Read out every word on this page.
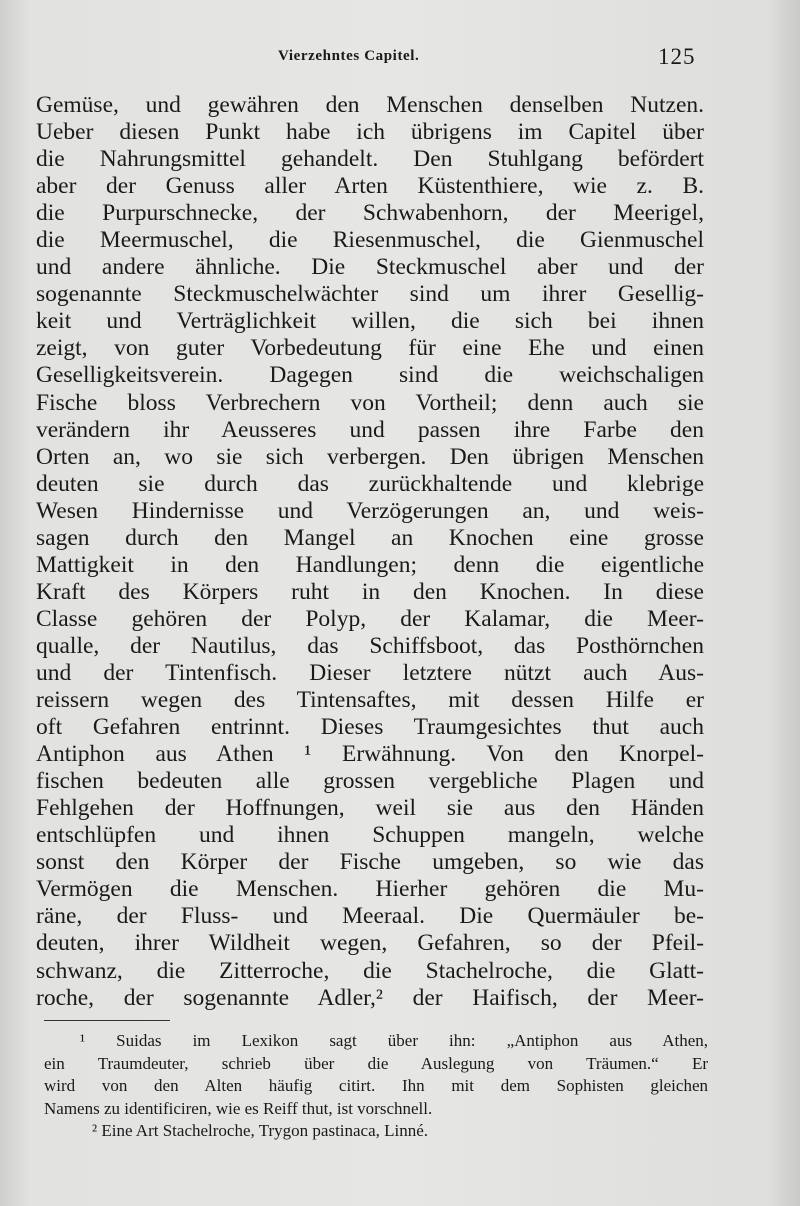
Vierzehntes Capitel.	125
Gemüse, und gewähren den Menschen denselben Nutzen.
Ueber diesen Punkt habe ich übrigens im Capitel über
die Nahrungsmittel gehandelt. Den Stuhlgang befördert
aber der Genuss aller Arten Küstenthiere, wie z. B.
die Purpurschnecke, der Schwabenhorn, der Meerigel,
die Meermuschel, die Riesenmuschel, die Gienmuschel
und andere ähnliche. Die Steckmuschel aber und der
sogenannte Steckmuschelwächter sind um ihrer Gesellig-
keit und Verträglichkeit willen, die sich bei ihnen
zeigt, von guter Vorbedeutung für eine Ehe und einen
Geselligkeitsverein. Dagegen sind die weichschaligen
Fische bloss Verbrechern von Vortheil; denn auch sie
verändern ihr Aeusseres und passen ihre Farbe den
Orten an, wo sie sich verbergen. Den übrigen Menschen
deuten sie durch das zurückhaltende und klebrige
Wesen Hindernisse und Verzögerungen an, und weis-
sagen durch den Mangel an Knochen eine grosse
Mattigkeit in den Handlungen; denn die eigentliche
Kraft des Körpers ruht in den Knochen. In diese
Classe gehören der Polyp, der Kalamar, die Meer-
qualle, der Nautilus, das Schiffsboot, das Posthörnchen
und der Tintenfisch. Dieser letztere nützt auch Aus-
reissern wegen des Tintensaftes, mit dessen Hilfe er
oft Gefahren entrinnt. Dieses Traumgesichtes thut auch
Antiphon aus Athen ¹ Erwähnung. Von den Knorpel-
fischen bedeuten alle grossen vergebliche Plagen und
Fehlgehen der Hoffnungen, weil sie aus den Händen
entschlüpfen und ihnen Schuppen mangeln, welche
sonst den Körper der Fische umgeben, so wie das
Vermögen die Menschen. Hierher gehören die Mu-
räne, der Fluss- und Meeraal. Die Quermäuler be-
deuten, ihrer Wildheit wegen, Gefahren, so der Pfeil-
schwanz, die Zitterroche, die Stachelroche, die Glatt-
roche, der sogenannte Adler,² der Haifisch, der Meer-
¹ Suidas im Lexikon sagt über ihn: „Antiphon aus Athen,
ein Traumdeuter, schrieb über die Auslegung von Träumen.“ Er
wird von den Alten häufig citirt. Ihn mit dem Sophisten gleichen
Namens zu identificiren, wie es Reiff thut, ist vorschnell.
² Eine Art Stachelroche, Trygon pastinaca, Linné.
